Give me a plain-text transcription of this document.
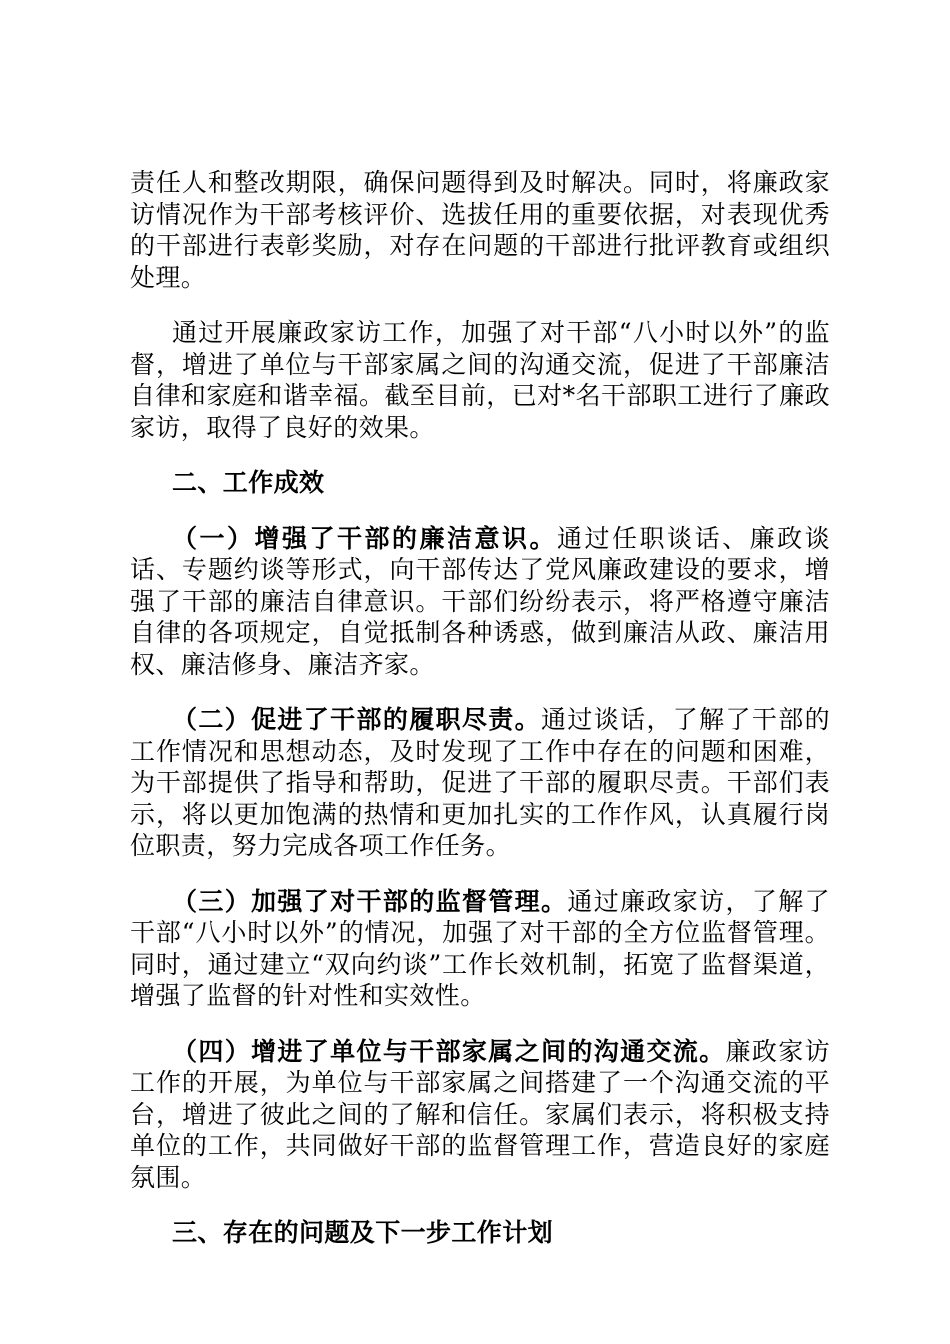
责任人和整改期限，确保问题得到及时解决。同时，将廉政家访情况作为干部考核评价、选拔任用的重要依据，对表现优秀的干部进行表彰奖励，对存在问题的干部进行批评教育或组织处理。

通过开展廉政家访工作，加强了对干部“八小时以外”的监督，增进了单位与干部家属之间的沟通交流，促进了干部廉洁自律和家庭和谐幸福。截至目前，已对*名干部职工进行了廉政家访，取得了良好的效果。

二、工作成效

（一）增强了干部的廉洁意识。通过任职谈话、廉政谈话、专题约谈等形式，向干部传达了党风廉政建设的要求，增强了干部的廉洁自律意识。干部们纷纷表示，将严格遵守廉洁自律的各项规定，自觉抵制各种诱惑，做到廉洁从政、廉洁用权、廉洁修身、廉洁齐家。

（二）促进了干部的履职尽责。通过谈话，了解了干部的工作情况和思想动态，及时发现了工作中存在的问题和困难，为干部提供了指导和帮助，促进了干部的履职尽责。干部们表示，将以更加饱满的热情和更加扎实的工作作风，认真履行岗位职责，努力完成各项工作任务。

（三）加强了对干部的监督管理。通过廉政家访，了解了干部“八小时以外”的情况，加强了对干部的全方位监督管理。同时，通过建立“双向约谈”工作长效机制，拓宽了监督渠道，增强了监督的针对性和实效性。

（四）增进了单位与干部家属之间的沟通交流。廉政家访工作的开展，为单位与干部家属之间搭建了一个沟通交流的平台，增进了彼此之间的了解和信任。家属们表示，将积极支持单位的工作，共同做好干部的监督管理工作，营造良好的家庭氛围。

三、存在的问题及下一步工作计划
